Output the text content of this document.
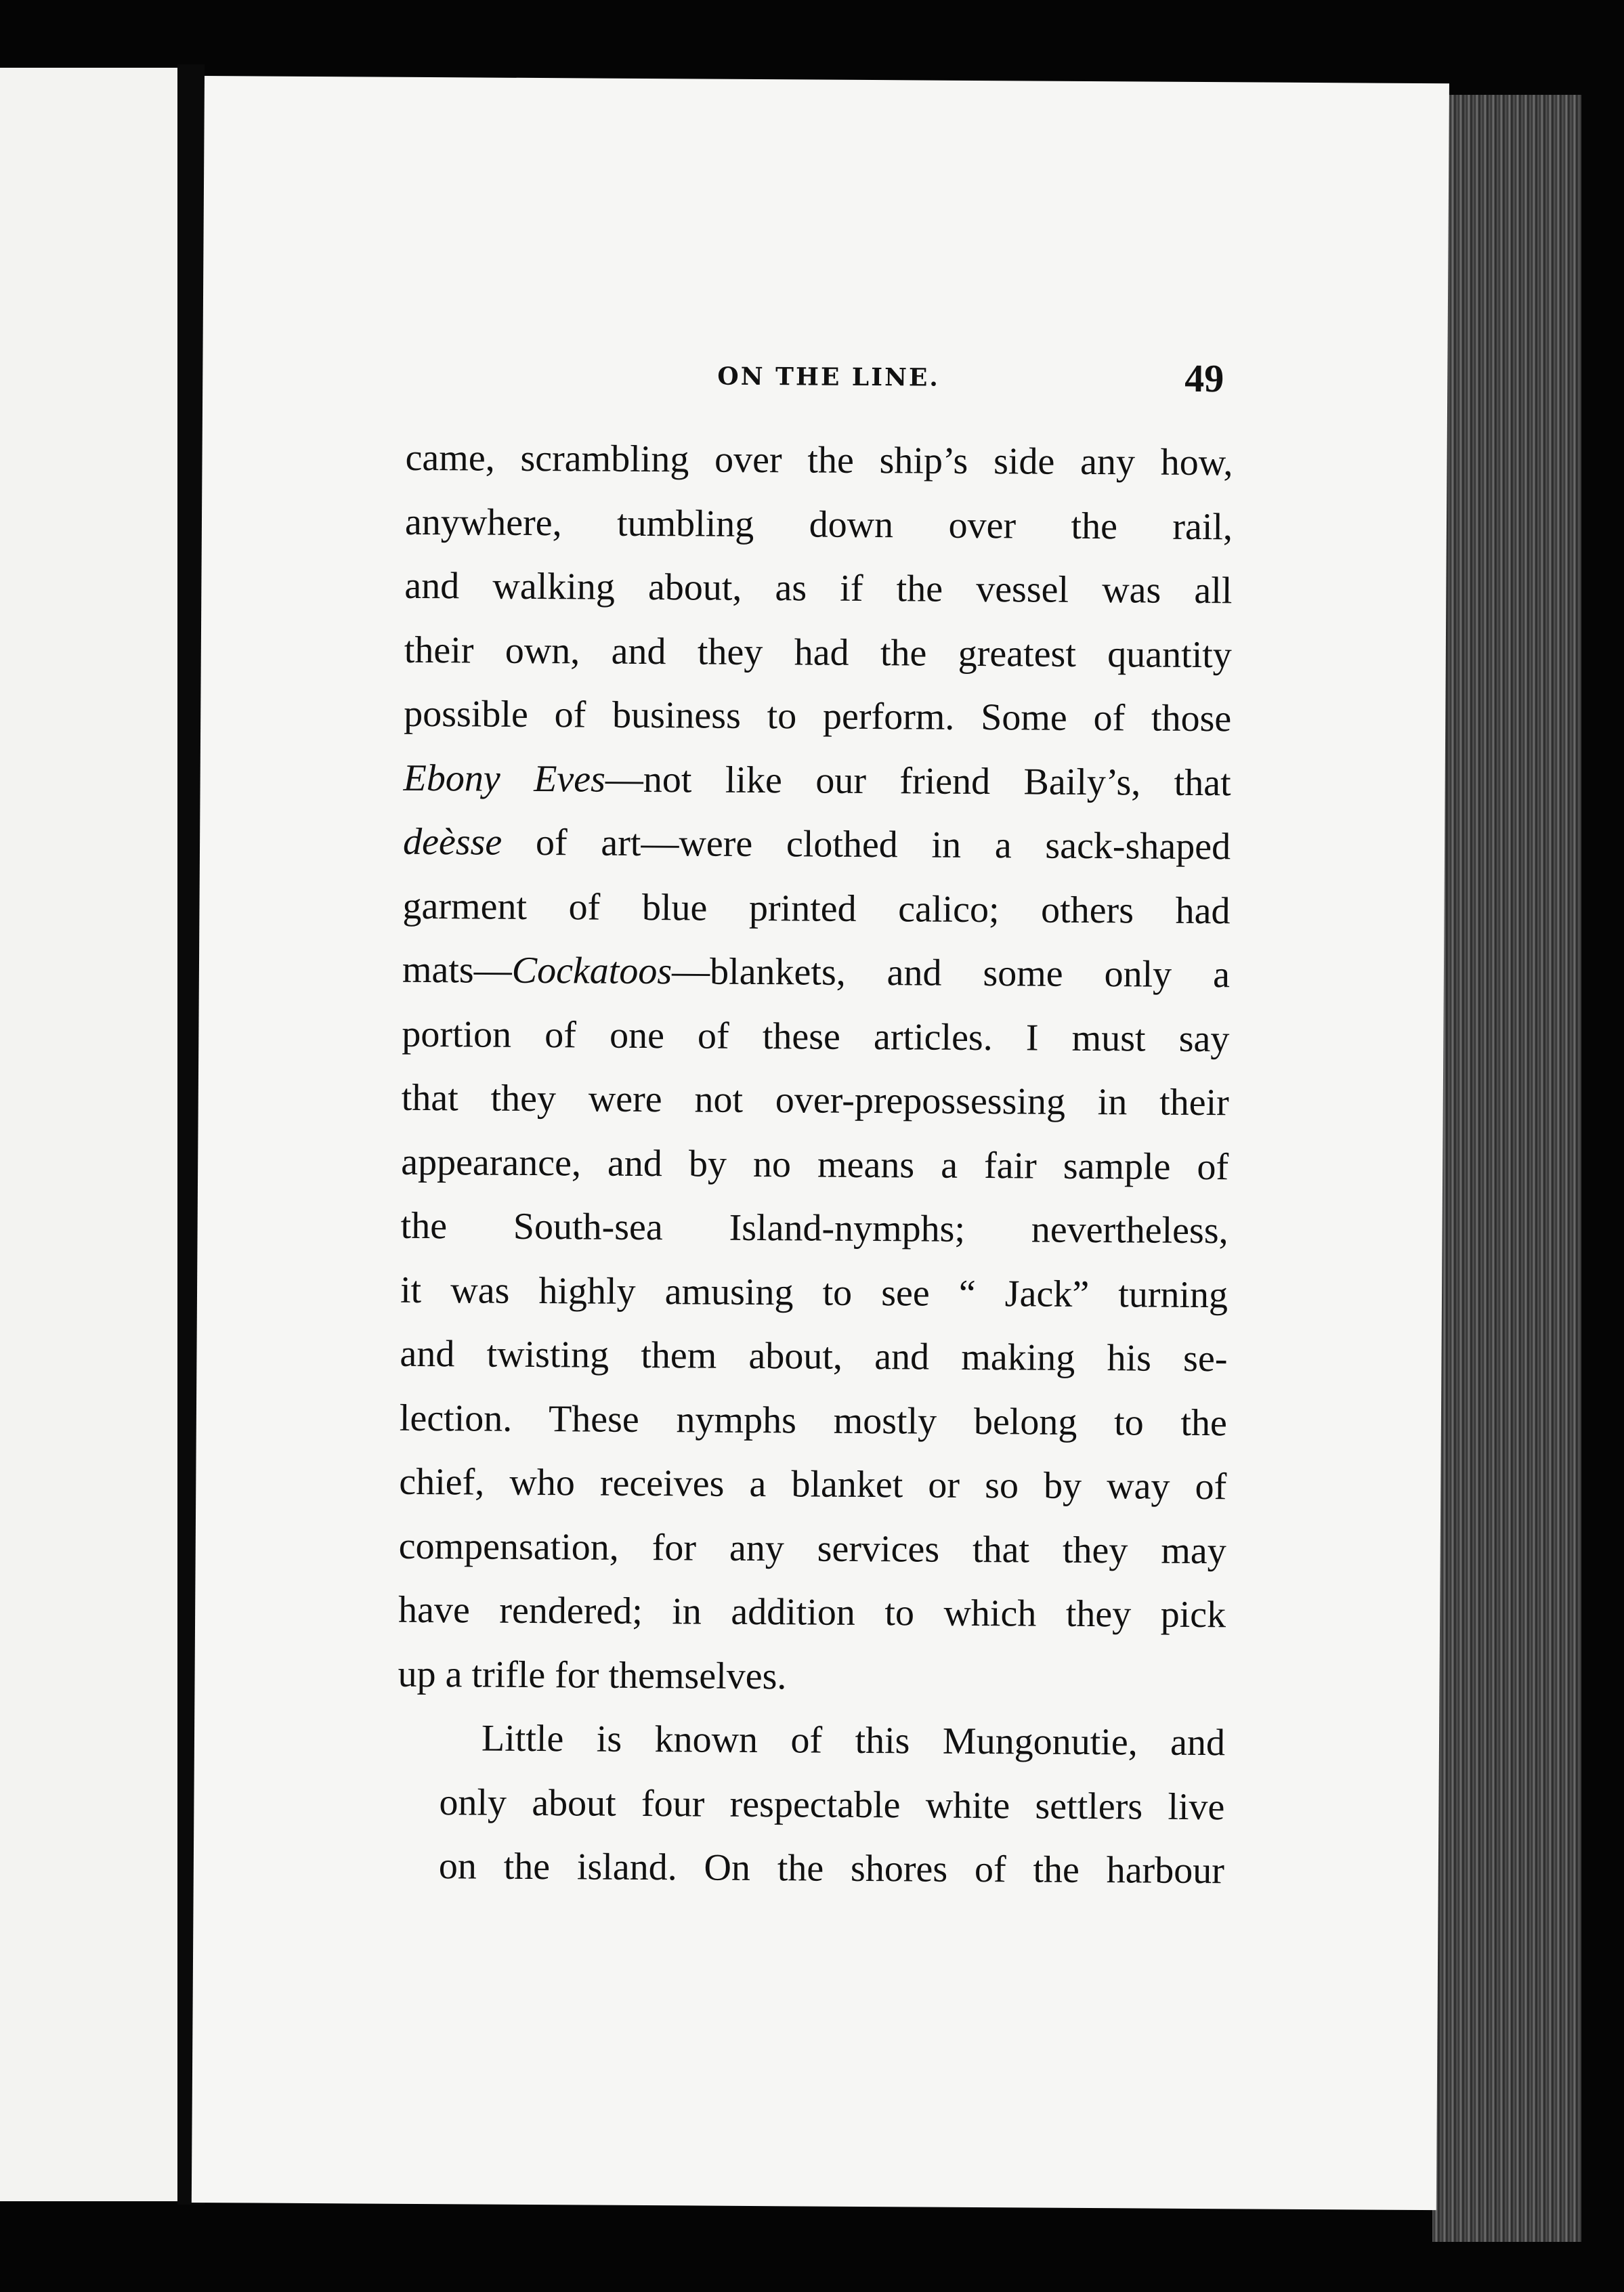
ON THE LINE.	49

came, scrambling over the ship’s side any how,
anywhere, tumbling down over the rail,
and walking about, as if the vessel was all
their own, and they had the greatest quantity
possible of business to perform. Some of those
Ebony Eves—not like our friend Baily’s, that
deèsse of art—were clothed in a sack-shaped
garment of blue printed calico; others had
mats—Cockatoos—blankets, and some only a
portion of one of these articles. I must say
that they were not over-prepossessing in their
appearance, and by no means a fair sample of
the South-sea Island-nymphs; nevertheless,
it was highly amusing to see “ Jack” turning
and twisting them about, and making his se-
lection. These nymphs mostly belong to the
chief, who receives a blanket or so by way of
compensation, for any services that they may
have rendered; in addition to which they pick
up a trifle for themselves.

Little is known of this Mungonutie, and
only about four respectable white settlers live
on the island. On the shores of the harbour
